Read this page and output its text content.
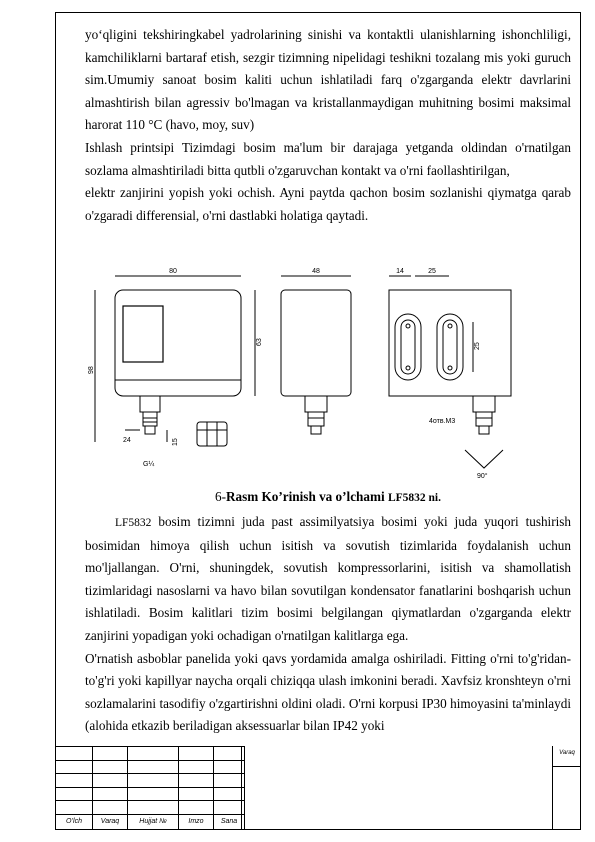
yo‘qligini tekshiringkabel yadrolarining sinishi va kontaktli ulanishlarning ishonchliligi, kamchiliklarni bartaraf etish, sezgir tizimning nipelidagi teshikni tozalang mis yoki guruch sim.Umumiy sanoat bosim kaliti uchun ishlatiladi farq o'zgarganda elektr davrlarini almashtirish bilan agressiv bo'lmagan va kristallanmaydigan muhitning bosimi maksimal harorat 110 °C (havo, moy, suv)

Ishlash printsipi Tizimdagi bosim ma'lum bir darajaga yetganda oldindan o'rnatilgan sozlama almashtiriladi bitta qutbli o'zgaruvchan kontakt va o'rni faollashtirilgan,

elektr zanjirini yopish yoki ochish. Ayni paytda qachon bosim sozlanishi qiymatga qarab o'zgaradi differensial, o'rni dastlabki holatiga qaytadi.

80	48	14	25
63
98
25
24	15
G¼
4отв.М3
90°
6-Rasm Ko’rinish va o’lchami LF5832 ni.

LF5832 bosim tizimni juda past assimilyatsiya bosimi yoki juda yuqori tushirish bosimidan himoya qilish uchun isitish va sovutish tizimlarida foydalanish uchun mo'ljallangan. O'rni, shuningdek, sovutish kompressorlarini, isitish va shamollatish tizimlaridagi nasoslarni va havo bilan sovutilgan kondensator fanatlarini boshqarish uchun ishlatiladi. Bosim kalitlari tizim bosimi belgilangan qiymatlardan o'zgarganda elektr zanjirini yopadigan yoki ochadigan o'rnatilgan kalitlarga ega.

O'rnatish asboblar panelida yoki qavs yordamida amalga oshiriladi. Fitting o'rni to'g'ridan-to'g'ri yoki kapillyar naycha orqali chiziqqa ulash imkonini beradi. Xavfsiz kronshteyn o'rni sozlamalarini tasodifiy o'zgartirishni oldini oladi. O'rni korpusi IP30 himoyasini ta'minlaydi (alohida etkazib beriladigan aksessuarlar bilan IP42 yoki

O’lch	Varaq	Hujjat №	Imzo	Sana
Varaq
